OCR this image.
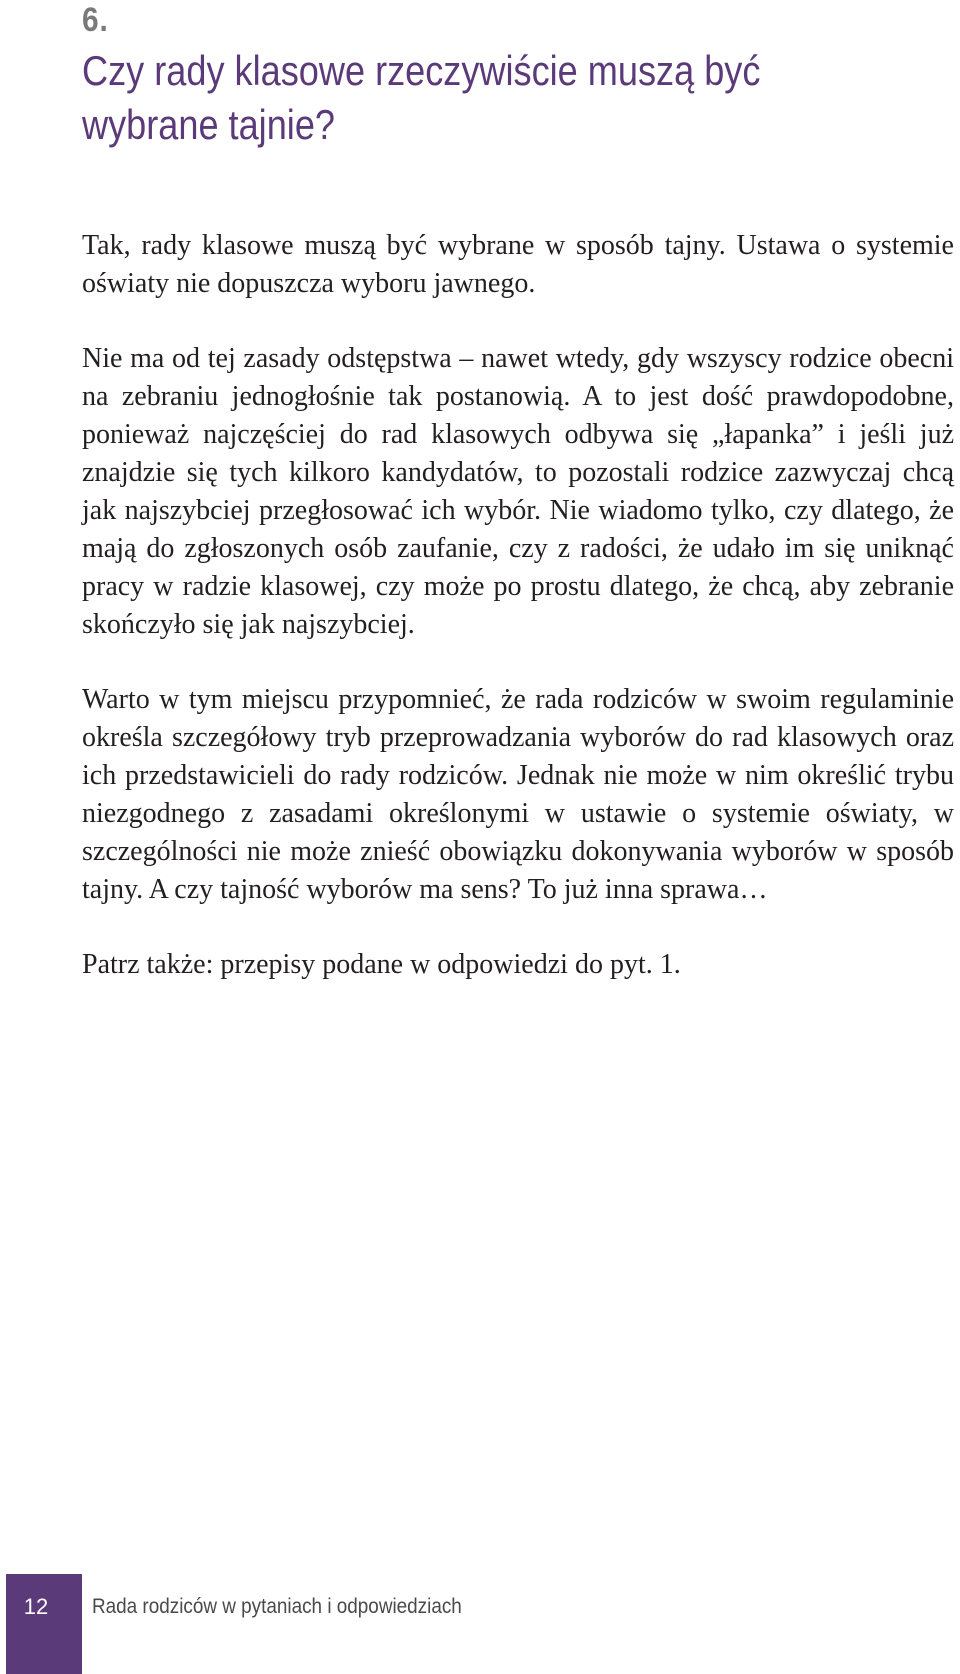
6.
Czy rady klasowe rzeczywiście muszą być wybrane tajnie?

Tak, rady klasowe muszą być wybrane w sposób tajny. Ustawa o systemie oświaty nie dopuszcza wyboru jawnego.

Nie ma od tej zasady odstępstwa – nawet wtedy, gdy wszyscy rodzice obecni na zebraniu jednogłośnie tak postanowią. A to jest dość prawdopodobne, ponieważ najczęściej do rad klasowych odbywa się „łapanka” i jeśli już znajdzie się tych kilkoro kandydatów, to pozostali rodzice zazwyczaj chcą jak najszybciej przegłosować ich wybór. Nie wiadomo tylko, czy dlatego, że mają do zgłoszonych osób zaufanie, czy z radości, że udało im się uniknąć pracy w radzie klasowej, czy może po prostu dlatego, że chcą, aby zebranie skończyło się jak najszybciej.

Warto w tym miejscu przypomnieć, że rada rodziców w swoim regulaminie określa szczegółowy tryb przeprowadzania wyborów do rad klasowych oraz ich przedstawicieli do rady rodziców. Jednak nie może w nim określić trybu niezgodnego z zasadami określonymi w ustawie o systemie oświaty, w szczególności nie może znieść obowiązku dokonywania wyborów w sposób tajny. A czy tajność wyborów ma sens? To już inna sprawa…

Patrz także: przepisy podane w odpowiedzi do pyt. 1.

12	Rada rodziców w pytaniach i odpowiedziach
